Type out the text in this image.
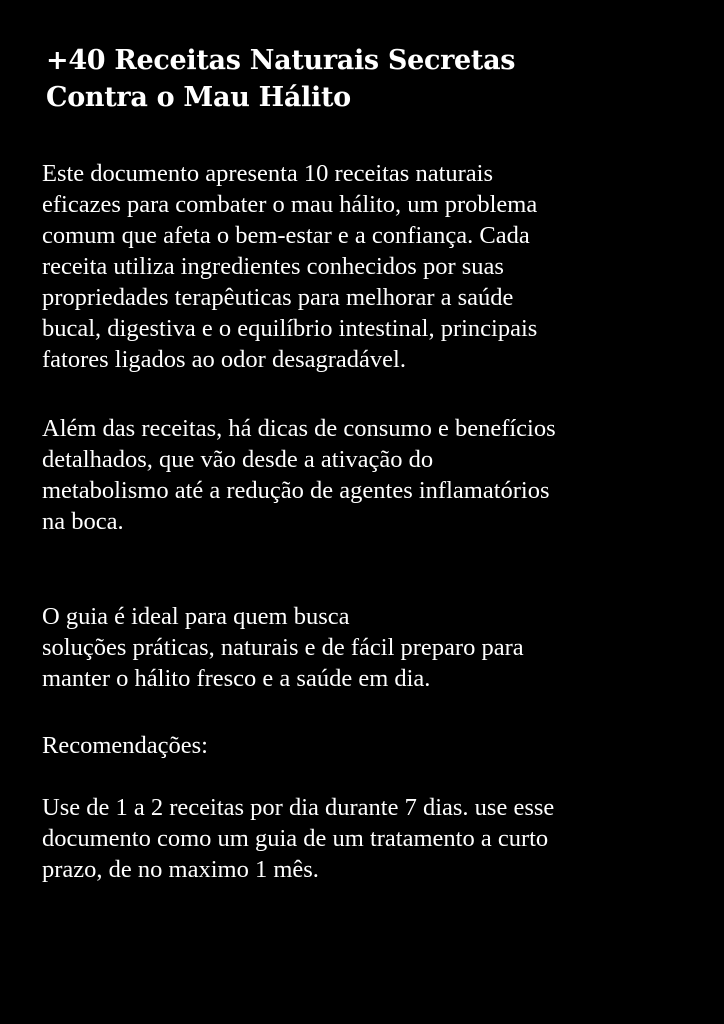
+40 Receitas Naturais Secretas
Contra o Mau Hálito

Este documento apresenta 10 receitas naturais
eficazes para combater o mau hálito, um problema
comum que afeta o bem-estar e a confiança. Cada
receita utiliza ingredientes conhecidos por suas
propriedades terapêuticas para melhorar a saúde
bucal, digestiva e o equilíbrio intestinal, principais
fatores ligados ao odor desagradável.

Além das receitas, há dicas de consumo e benefícios
detalhados, que vão desde a ativação do
metabolismo até a redução de agentes inflamatórios
na boca.

O guia é ideal para quem busca
soluções práticas, naturais e de fácil preparo para
manter o hálito fresco e a saúde em dia.

Recomendações:

Use de 1 a 2 receitas por dia durante 7 dias. use esse
documento como um guia de um tratamento a curto
prazo, de no maximo 1 mês.
